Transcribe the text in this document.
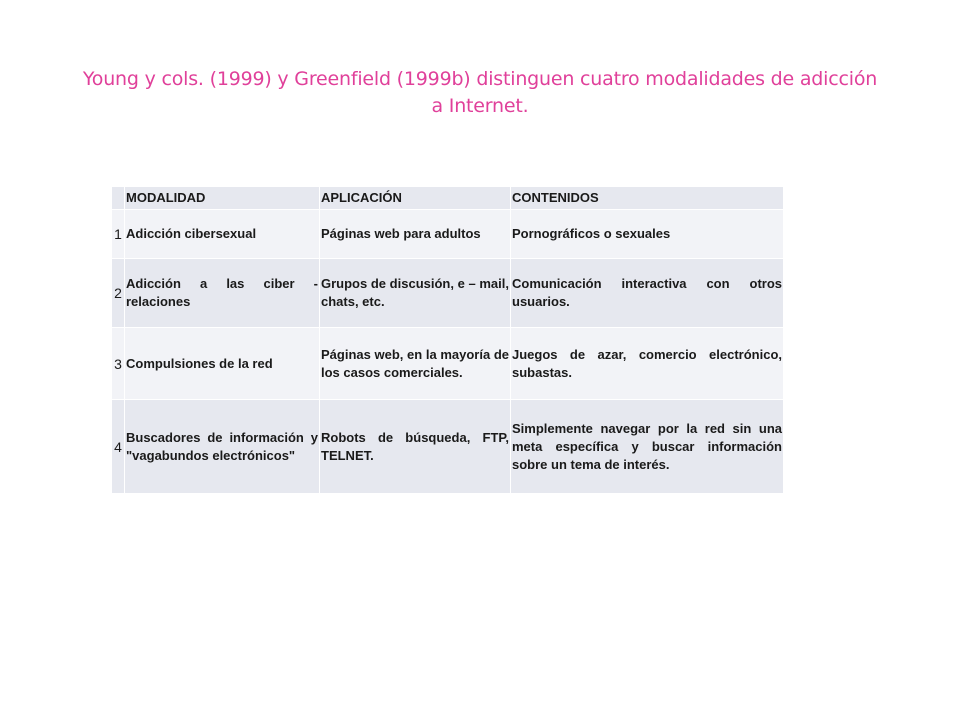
Young y cols. (1999) y Greenfield (1999b) distinguen cuatro modalidades de adicción a Internet.
	MODALIDAD	APLICACIÓN	CONTENIDOS
1	Adicción cibersexual	Páginas web para adultos	Pornográficos o sexuales
2	Adicción a las ciber - relaciones	Grupos de discusión, e – mail, chats, etc.	Comunicación interactiva con otros usuarios.
3	Compulsiones de la red	Páginas web, en la mayoría de los casos comerciales.	Juegos de azar, comercio electrónico, subastas.
4	Buscadores de información y "vagabundos electrónicos"	Robots de búsqueda, FTP, TELNET.	Simplemente navegar por la red sin una meta específica y buscar información sobre un tema de interés.
